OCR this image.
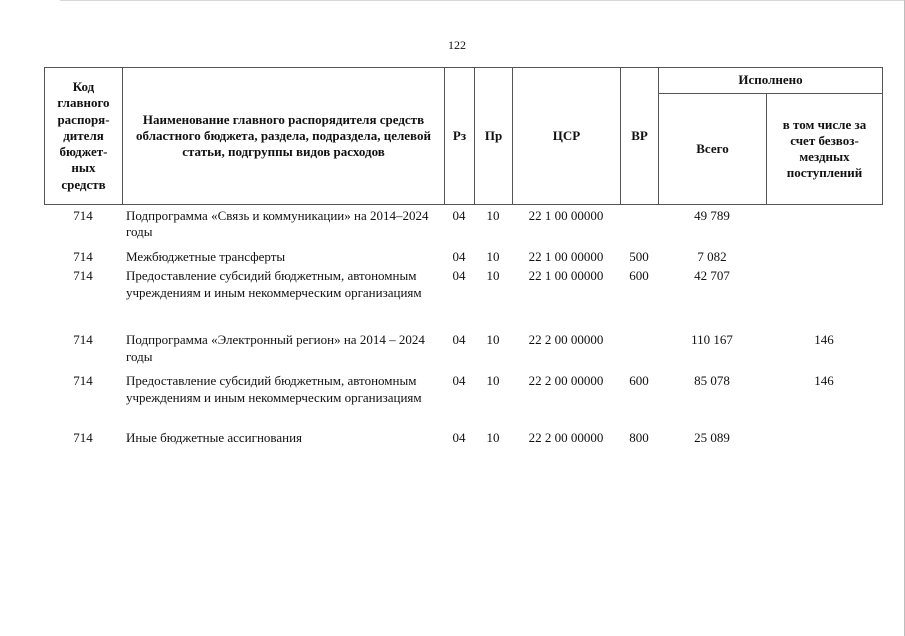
122
Код главного распоря-дителя бюджет-ных средств	Наименование главного распорядителя средств областного бюджета, раздела, подраздела, целевой статьи, подгруппы видов расходов	Рз	Пр	ЦСР	ВР	Исполнено	
						Всего	в том числе за счет безвоз-мездных поступлений
714	Подпрограмма «Связь и коммуникации» на 2014–2024 годы	04	10	22 1 00 00000		49 789	
714	Межбюджетные трансферты	04	10	22 1 00 00000	500	7 082	
714	Предоставление субсидий бюджетным, автономным учреждениям и иным некоммерческим организациям	04	10	22 1 00 00000	600	42 707	
714	Подпрограмма «Электронный регион» на 2014 – 2024 годы	04	10	22 2 00 00000		110 167	146
714	Предоставление субсидий бюджетным, автономным учреждениям и иным некоммерческим организациям	04	10	22 2 00 00000	600	85 078	146
714	Иные бюджетные ассигнования	04	10	22 2 00 00000	800	25 089	
